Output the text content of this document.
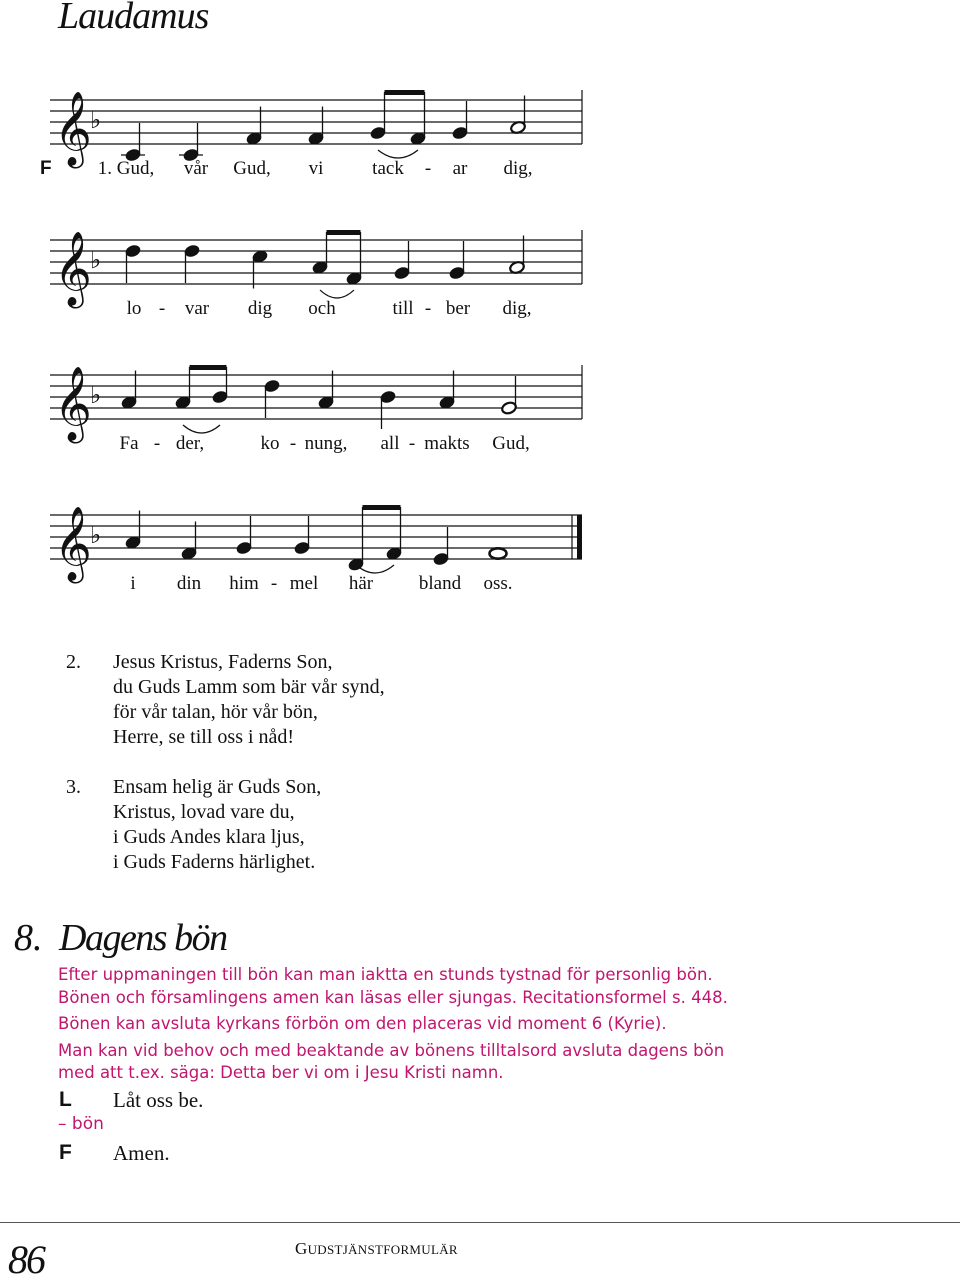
Laudamus
F
𝄞
♭
𝄞
♭
𝄞
♭
𝄞
♭
1. Gud, vår Gud, vi	tack - ar dig,
lo - var dig och	till - ber dig,
Fa - der,	ko - nung, all - makts Gud,
i din him - mel här bland oss.
2. Jesus Kristus, Faderns Son,
du Guds Lamm som bär vår synd,
för vår talan, hör vår bön,
Herre, se till oss i nåd!
3. Ensam helig är Guds Son,
Kristus, lovad vare du,
i Guds Andes klara ljus,
i Guds Faderns härlighet.
8. Dagens bön
Efter uppmaningen till bön kan man iaktta en stunds tystnad för personlig bön.
Bönen och församlingens amen kan läsas eller sjungas. Recitationsformel s. 448.
Bönen kan avsluta kyrkans förbön om den placeras vid moment 6 (Kyrie).
Man kan vid behov och med beaktande av bönens tilltalsord avsluta dagens bön
med att t.ex. säga: Detta ber vi om i Jesu Kristi namn.
L Låt oss be.
– bön
F Amen.
86	GUDSTJÄNSTFORMULÄR
